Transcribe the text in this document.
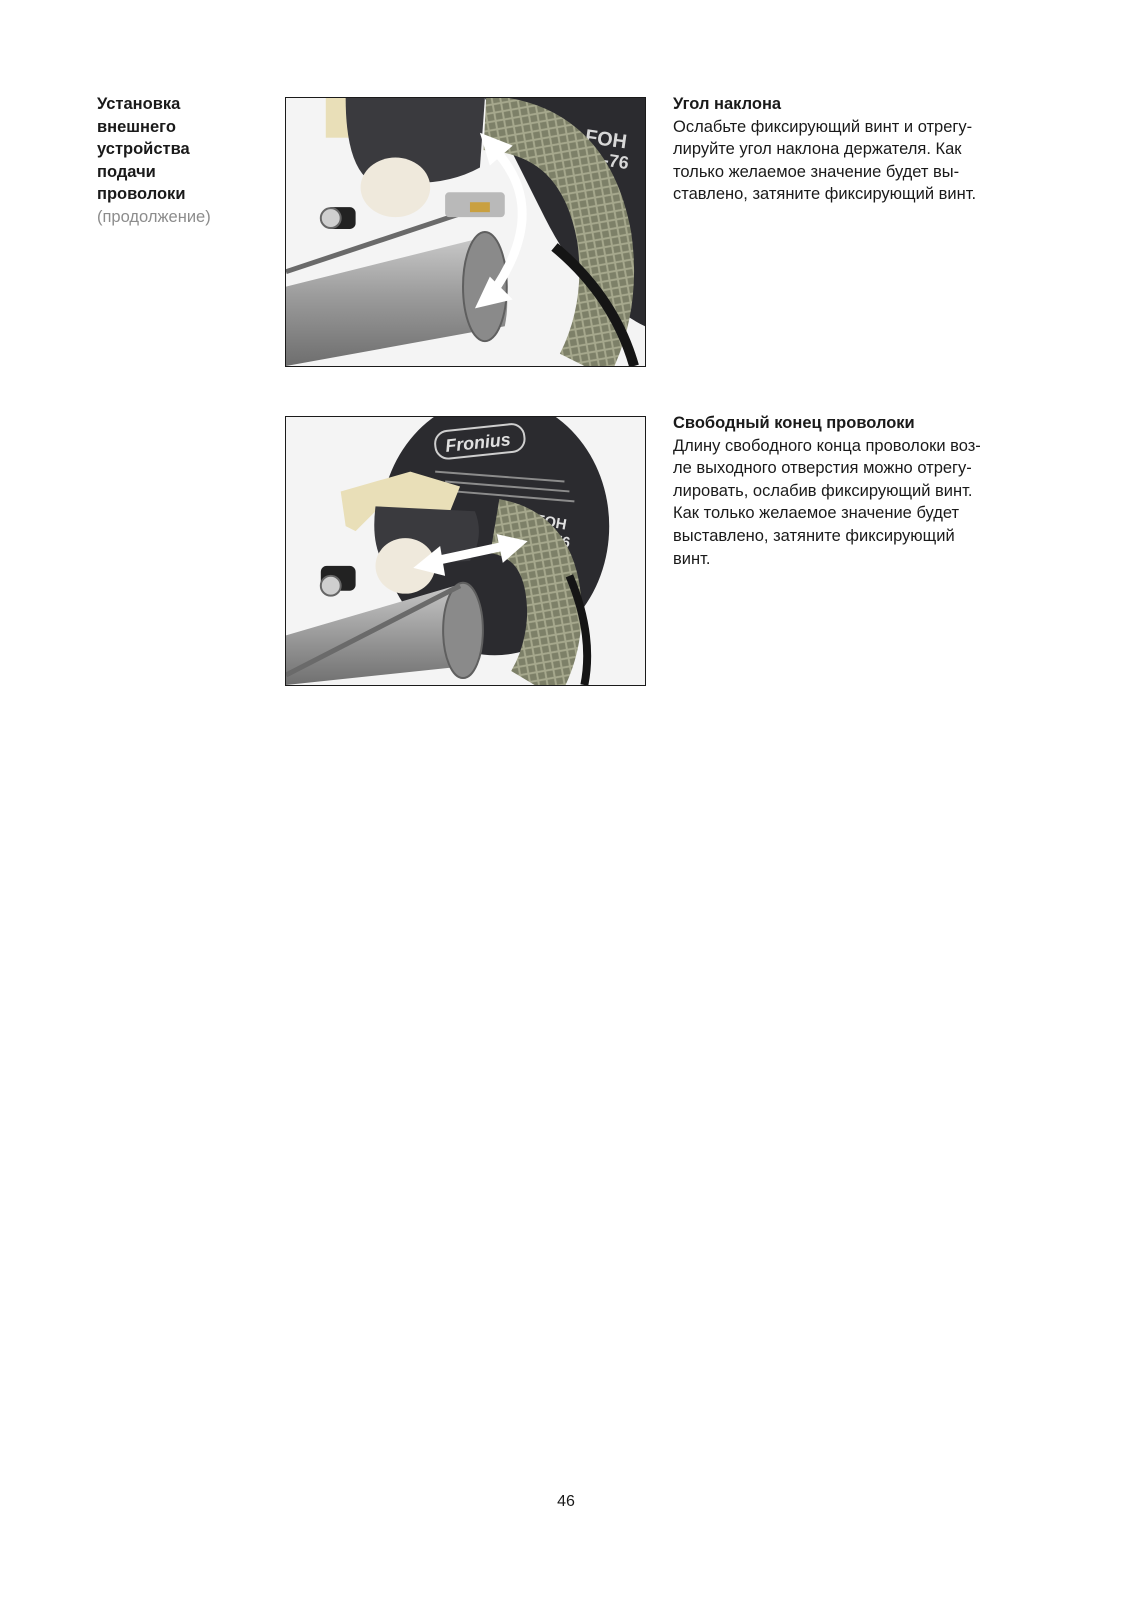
Установка
внешнего
устройства
подачи
проволоки
(продолжение)
FOH
-76
Угол наклона

Ослабьте фиксирующий винт и отрегу-
лируйте угол наклона держателя. Как
только желаемое значение будет вы-
ставлено, затяните фиксирующий винт.

Fronius
FOH
10-76
Свободный конец проволоки

Длину свободного конца проволоки воз-
ле выходного отверстия можно отрегу-
лировать, ослабив фиксирующий винт.
Как только желаемое значение будет
выставлено, затяните фиксирующий
винт.

46
